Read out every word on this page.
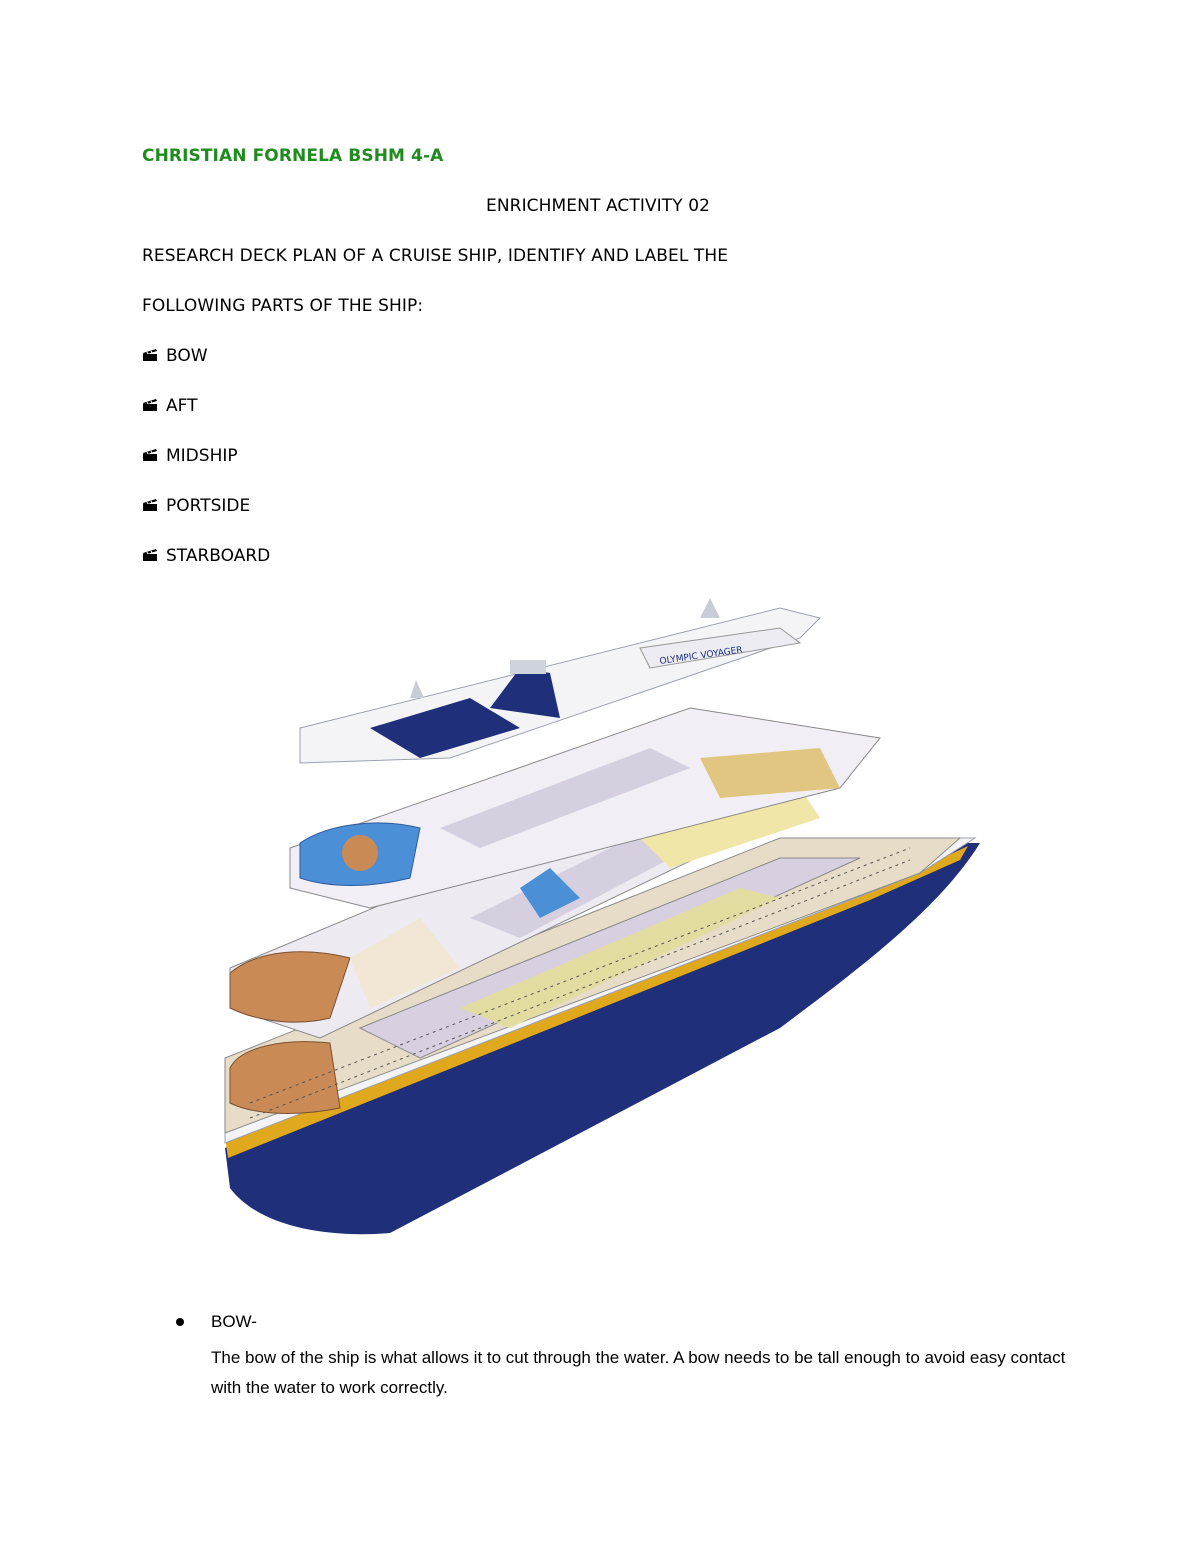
CHRISTIAN FORNELA BSHM 4-A
ENRICHMENT ACTIVITY 02
RESEARCH DECK PLAN OF A CRUISE SHIP, IDENTIFY AND LABEL THE
FOLLOWING PARTS OF THE SHIP:
BOW
AFT
MIDSHIP
PORTSIDE
STARBOARD
OLYMPIC VOYAGER
BOW-
The bow of the ship is what allows it to cut through the water. A bow needs to be tall enough to avoid easy contact with the water to work correctly.
